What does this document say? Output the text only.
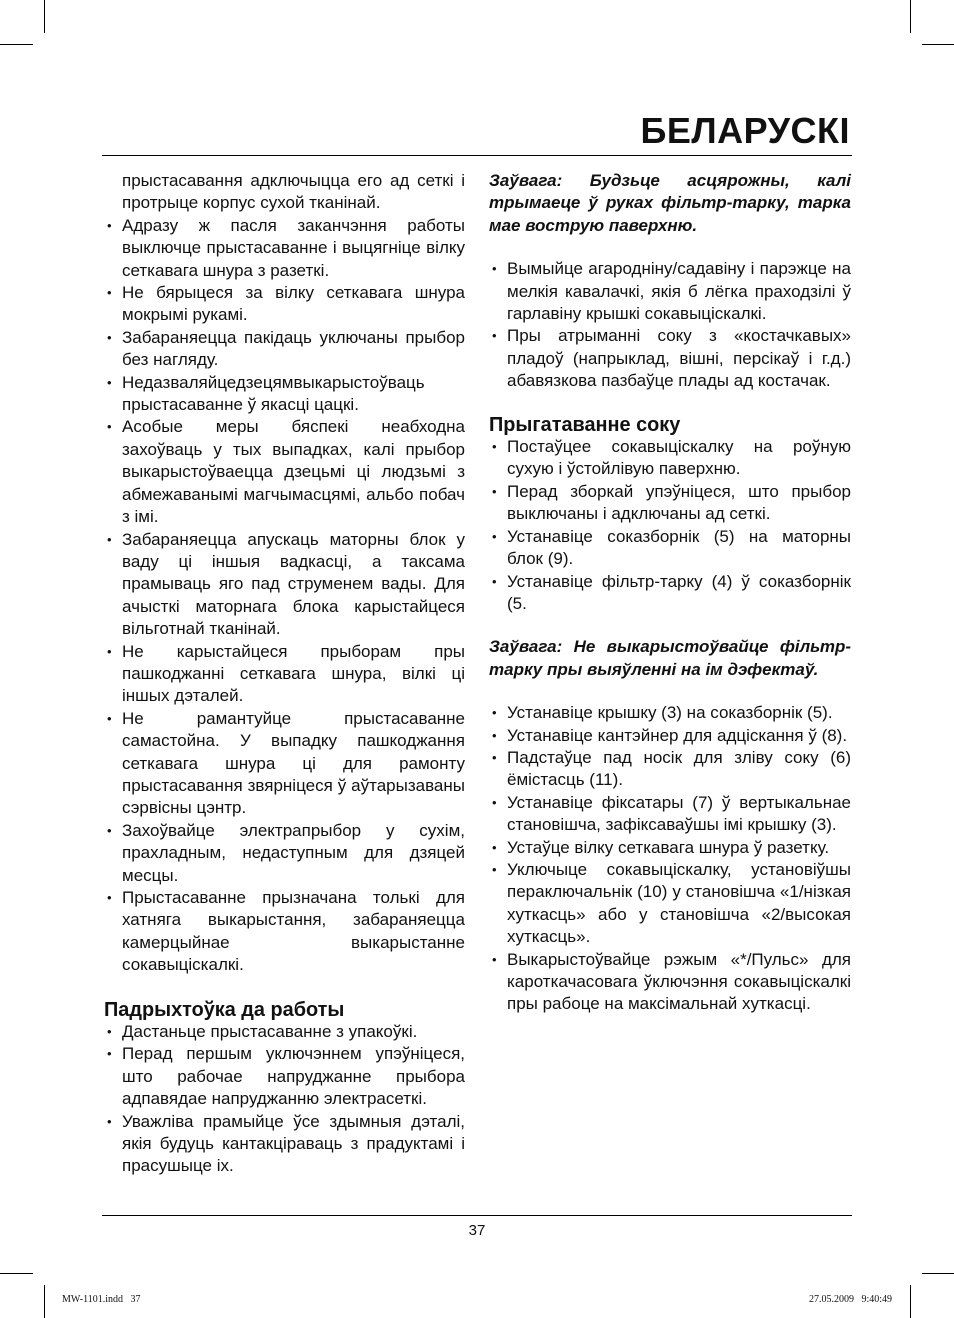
БЕЛАРУСКІ

прыстасавання адключыцца его ад сеткі і протрыце корпус сухой тканінай.

• Адразу ж пасля заканчэння работы выключце прыстасаванне і выцягніце вілку сеткавага шнура з разеткі.
• Не бярыцеся за вілку сеткавага шнура мокрымі рукамі.
• Забараняецца пакідаць уключаны прыбор без нагляду.
• Недазваляйцедзецямвыкарыстоўваць прыстасаванне ў якасці цацкі.
• Асобые меры бяспекі неабходна захоўваць у тых выпадках, калі прыбор выкарыстоўваецца дзецьмі ці людзьмі з абмежаванымі магчымасцямі, альбо побач з імі.
• Забараняецца апускаць маторны блок у ваду ці іншыя вадкасці, а таксама прамываць яго пад струменем вады. Для ачысткі маторнага блока карыстайцеся вільготнай тканінай.
• Не карыстайцеся прыборам пры пашкоджанні сеткавага шнура, вілкі ці іншых дэталей.
• Не рамантуйце прыстасаванне самастойна. У выпадку пашкоджання сеткавага шнура ці для рамонту прыстасавання звярніцеся ў аўтарызаваны сэрвісны цэнтр.
• Захоўвайце электрапрыбор у сухім, прахладным, недаступным для дзяцей месцы.
• Прыстасаванне прызначана толькі для хатняга выкарыстання, забараняецца камерцыйнае выкарыстанне сокавыціскалкі.
Падрыхтоўка да работы
• Дастаньце прыстасаванне з упакоўкі.
• Перад першым уключэннем упэўніцеся, што рабочае напруджанне прыбора адпавядае напруджанню электрасеткі.
• Уважліва прамыйце ўсе здымныя дэталі, якія будуць кантакціраваць з прадуктамі і прасушыце іх.

Заўвага: Будзьце асцярожны, калі трымаеце ў руках фільтр-тарку, тарка мае вострую паверхню.

• Вымыйце агароднiну/садавiну і парэжце на мелкія кавалачкі, якія б лёгка праходзілі ў гарлавіну крышкі сокавыціскалкі.
• Пры атрыманні соку з «костачкавых» пладоў (напрыклад, вішні, персікаў і г.д.) абавязкова пазбаўце плады ад костачак.
Прыгатаванне соку
• Постаўцее сокавыціскалку на роўную сухую і ўстойлівую паверхню.
• Перад зборкай упэўніцеся, што прыбор выключаны і адключаны ад сеткі.
• Устанавіце соказборнік (5) на маторны блок (9).
• Устанавіце фільтр-тарку (4) ў соказборнік (5.

Заўвага: Не выкарыстоўвайце фільтр-тарку пры выяўленні на ім дэфектаў.

• Устанавіце крышку (3) на соказборнік (5).
• Устанавіце кантэйнер для адціскання ў (8).
• Падстаўце пад носік для зліву соку (6) ёмістасць (11).
• Устанавіце фіксатары (7) ў вертыкальнае становішча, зафіксаваўшы імі крышку (3).
• Устаўце вілку сеткавага шнура ў разетку.
• Уключыце сокавыціскалку, установіўшы пераключальнік (10) у становішча «1/нізкая хуткасць» або у становішча «2/высокая хуткасць».
• Выкарыстоўвайце рэжым «*/Пульс» для кароткачасовага ўключэння сокавыціскалкі пры рабоце на максімальнай хуткасці.
37
MW-1101.indd   37	27.05.2009   9:40:49
